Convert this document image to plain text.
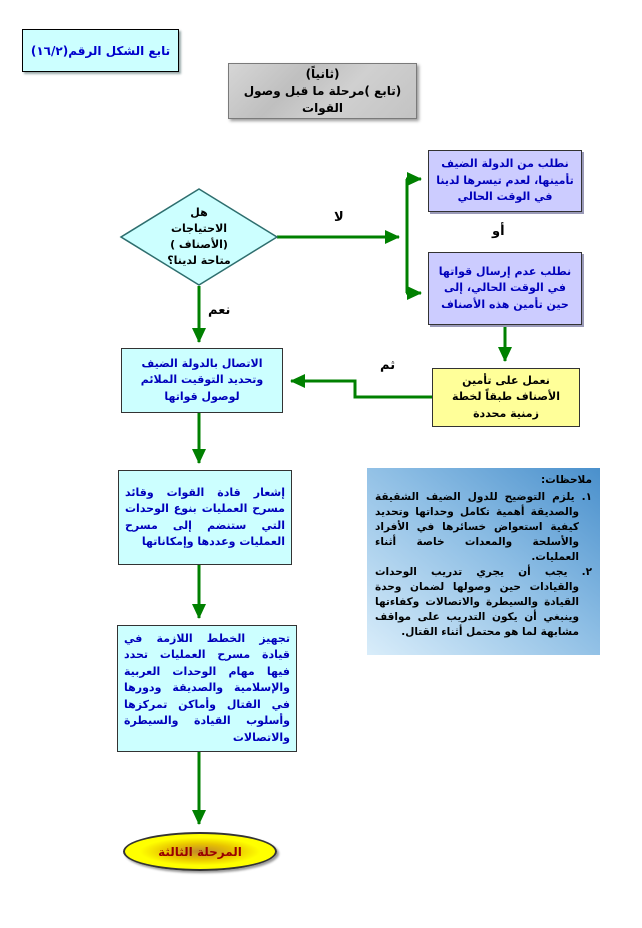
تابع الشكل الرقم(١٦/٢)
(ثانياً)
(تابع )مرحلة ما قبل وصول القوات
هل
الاحتياجات
(الأصناف )
متاحة لدينا؟
لا
أو
نعم
ثم
نطلب من الدولة الضيف تأمينها، لعدم تيسرها لدينا في الوقت الحالي
نطلب عدم إرسال قواتها في الوقت الحالي، إلى حين تأمين هذه الأصناف
نعمل على تأمين الأصناف طبقاً لخطة زمنية محددة
الاتصال بالدولة الضيف وتحديد التوقيت الملائم لوصول قواتها
إشعار قادة القوات وقائد مسرح العمليات بنوع الوحدات التي ستنضم إلى مسرح العمليات وعددها وإمكاناتها
تجهيز الخطط اللازمة في قيادة مسرح العمليات تحدد فيها مهام الوحدات العربية والإسلامية والصديقة ودورها في القتال وأماكن تمركزها وأسلوب القيادة والسيطرة والاتصالات

ملاحظات:

١. يلزم التوضيح للدول الضيف الشقيقة والصديقة أهمية تكامل وحداتها وتحديد كيفية استعواض خسائرها في الأفراد والأسلحة والمعدات خاصة أثناء العمليات.

٢. يجب أن يجري تدريب الوحدات والقيادات حين وصولها لضمان وحدة القيادة والسيطرة والاتصالات وكفاءتها وينبغي أن يكون التدريب على مواقف مشابهة لما هو محتمل أثناء القتال.

المرحلة الثالثة
